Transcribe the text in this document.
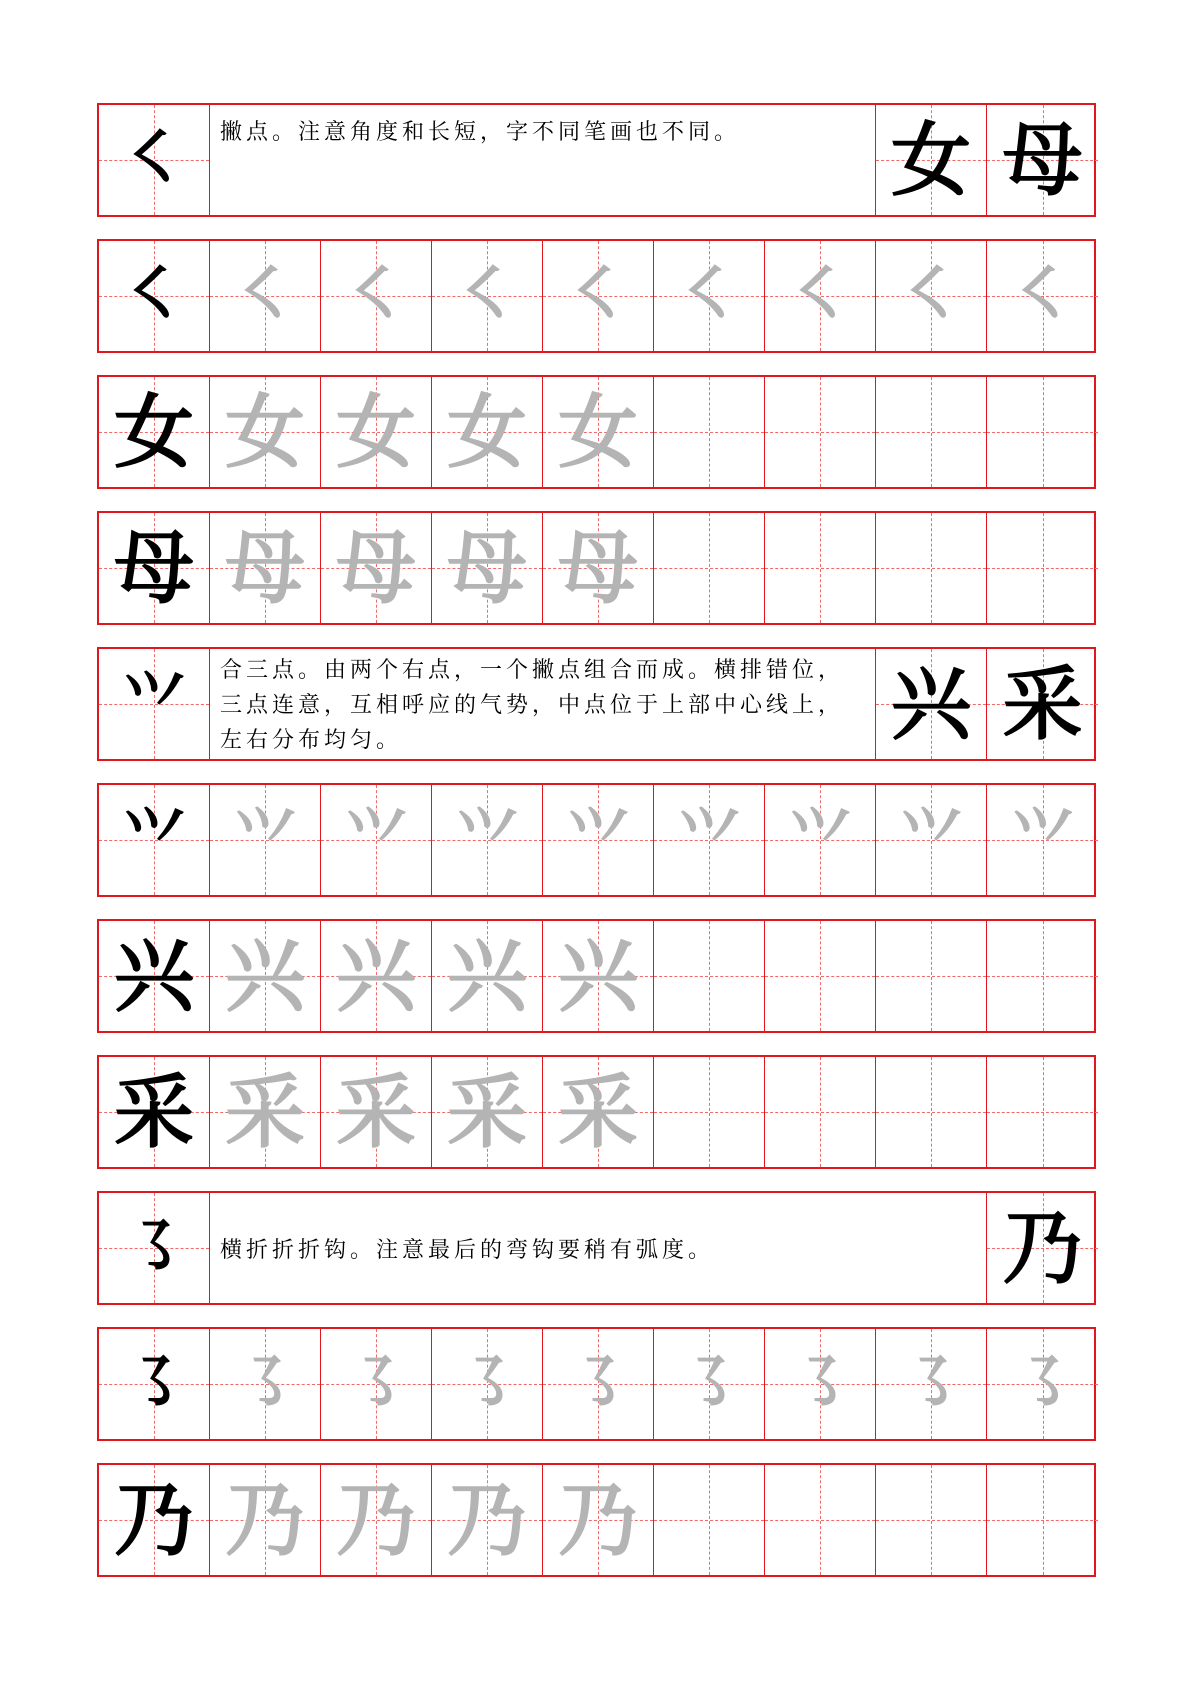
㇛	撇点。注意角度和长短，字不同笔画也不同。 女 母
㇛ ㇛ ㇛ ㇛ ㇛ ㇛ ㇛ ㇛ ㇛
女 女 女 女 女
母 母 母 母 母
⺍	合三点。由两个右点，一个撇点组合而成。横排错位，三点连意，互相呼应的气势，中点位于上部中心线上，左右分布均匀。	兴 采
⺍ ⺍ ⺍ ⺍ ⺍ ⺍ ⺍ ⺍ ⺍
兴 兴 兴 兴 兴
采 采 采 采 采
㇌	横折折折钩。注意最后的弯钩要稍有弧度。	乃
㇌ ㇌ ㇌ ㇌ ㇌ ㇌ ㇌ ㇌ ㇌
乃 乃 乃 乃 乃
